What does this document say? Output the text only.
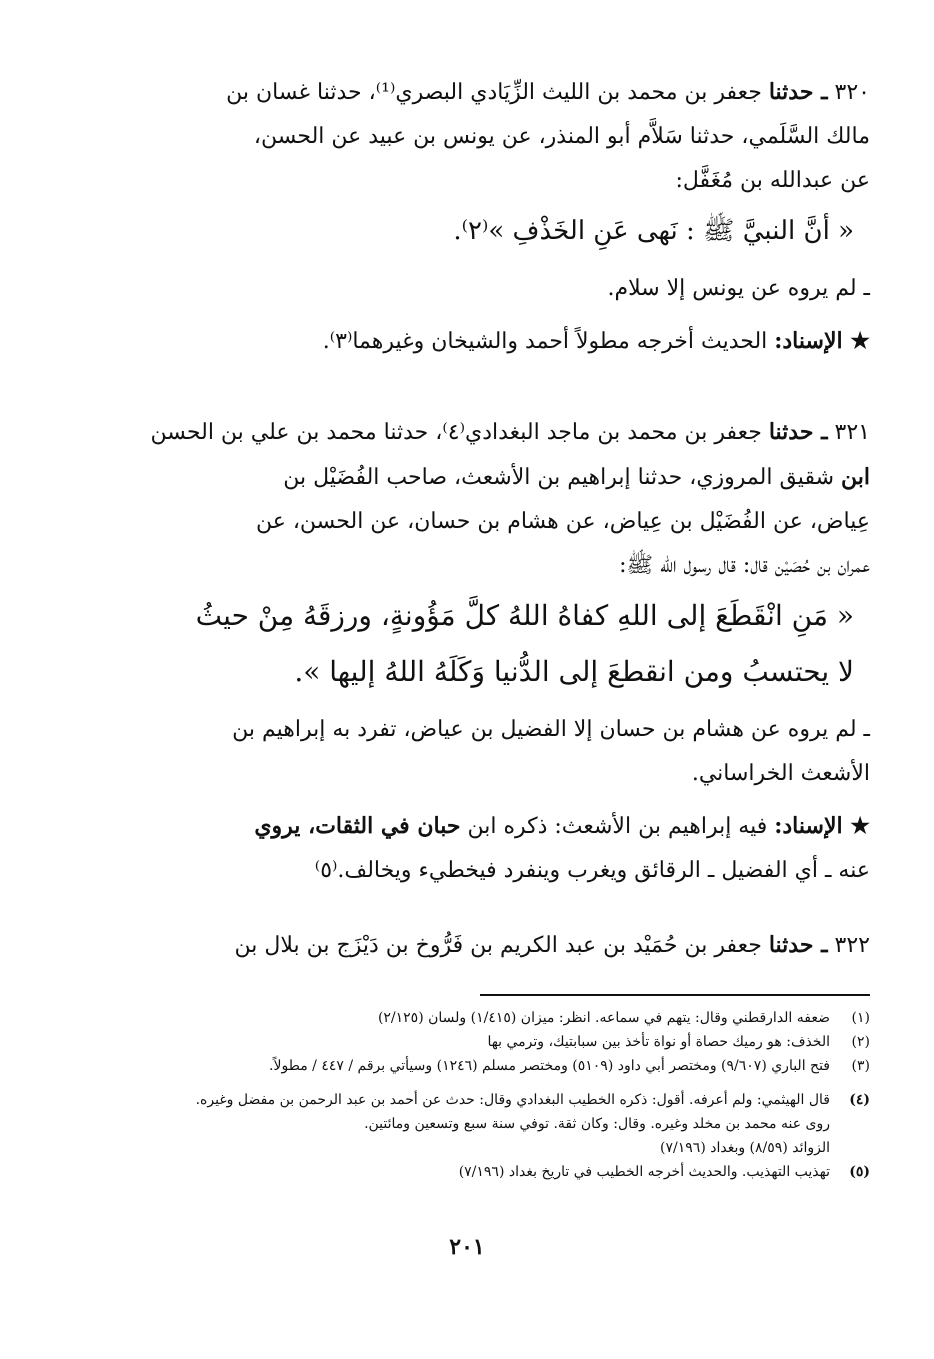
٣٢٠ ـ حدثنا جعفر بن محمد بن الليث الزِّيَادي البصري⁽¹⁾، حدثنا غسان بن
مالك السَّلَمي، حدثنا سَلاَّم أبو المنذر، عن يونس بن عبيد عن الحسن،
عن عبدالله بن مُغَفَّل:
« أنَّ النبيَّ ﷺ : نَهى عَنِ الخَذْفِ »⁽٢⁾.
ـ لم يروه عن يونس إلا سلام.
★ الإسناد: الحديث أخرجه مطولاً أحمد والشيخان وغيرهما⁽٣⁾.
٣٢١ ـ حدثنا جعفر بن محمد بن ماجد البغدادي⁽٤⁾، حدثنا محمد بن علي بن الحسن
ابن شقيق المروزي، حدثنا إبراهيم بن الأشعث، صاحب الفُضَيْل بن
عِياض، عن الفُضَيْل بن عِياض، عن هشام بن حسان، عن الحسن، عن
عمران بن حُصَيْن قال: قال رسول الله ﷺ:
« مَنِ انْقَطَعَ إلى اللهِ كفاهُ اللهُ كلَّ مَؤُونةٍ، ورزقَهُ مِنْ حيثُ
لا يحتسبُ ومن انقطعَ إلى الدُّنيا وَكَلَهُ اللهُ إليها ».
ـ لم يروه عن هشام بن حسان إلا الفضيل بن عياض، تفرد به إبراهيم بن
الأشعث الخراساني.
★ الإسناد: فيه إبراهيم بن الأشعث: ذكره ابن حبان في الثقات، يروي
عنه ـ أي الفضيل ـ الرقائق ويغرب وينفرد فيخطيء ويخالف.⁽٥⁾
٣٢٢ ـ حدثنا جعفر بن حُمَيْد بن عبد الكريم بن فَرُّوخ بن دَيْزَج بن بلال بن
(١)
ضعفه الدارقطني وقال: يتهم في سماعه. انظر: ميزان (١/٤١٥) ولسان (٢/١٢٥)
(٢)
الخذف: هو رميك حصاة أو نواة تأخذ بين سبابتيك، وترمي بها
(٣)
فتح الباري (٩/٦٠٧) ومختصر أبي داود (٥١٠٩) ومختصر مسلم (١٢٤٦) وسيأتي برقم / ٤٤٧ / مطولاً.
(٤)
قال الهيثمي: ولم أعرفه. أقول: ذكره الخطيب البغدادي وقال: حدث عن أحمد بن عبد الرحمن بن مفضل وغيره.
روى عنه محمد بن مخلد وغيره. وقال: وكان ثقة. توفي سنة سبع وتسعين ومائتين.
الزوائد (٨/٥٩) وبغداد (٧/١٩٦)
(٥)
تهذيب التهذيب. والحديث أخرجه الخطيب في تاريخ بغداد (٧/١٩٦)
٢٠١
